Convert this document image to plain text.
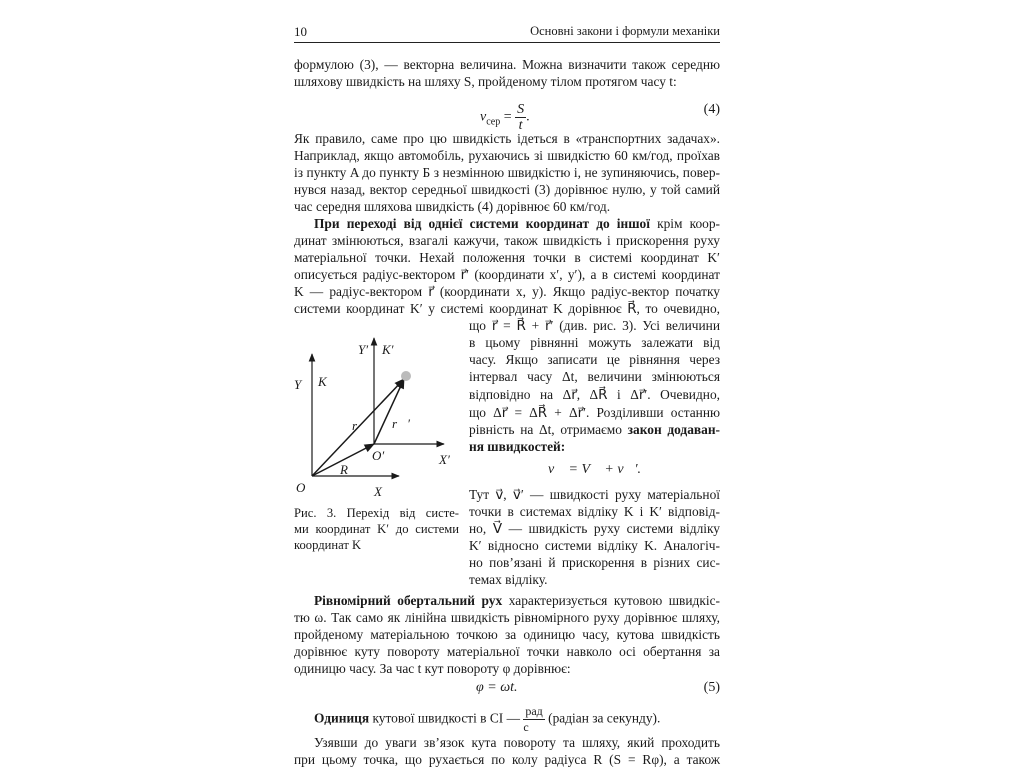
10	Основні закони і формули механіки
формулою (3), — векторна величина. Можна визначити також середню
шляхову швидкість на шляху S, пройденому тілом протягом часу t:
$v_{сер} = \frac{S}{t}$ .
(4)
Як правило, саме про цю швидкість ідеться в «транспортних задачах».
Наприклад, якщо автомобіль, рухаючись зі швидкістю 60 км/год, проїхав
із пункту A до пункту Б з незмінною швидкістю і, не зупиняючись, повер-
нувся назад, вектор середньої швидкості (3) дорівнює нулю, у той самий
час середня шляхова швидкість (4) дорівнює 60 км/год.
При переході від однієї системи координат до іншої крім коор-
динат змінюються, взагалі кажучи, також швидкість і прискорення руху
матеріальної точки. Нехай положення точки в системі координат K′
описується радіус-вектором r⃗′ (координати x′, y′), а в системі координат
K — радіус-вектором r⃗ (координати x, y). Якщо радіус-вектор початку
системи координат K′ у системі координат K дорівнює R⃗, то очевидно,
Y′ K′
Y K
r⃗ r⃗′
R⃗
O′	X′
O	X
Рис. 3. Перехід від систе-
ми координат K′ до системи
координат K
що r⃗ = R⃗ + r⃗′ (див. рис. 3). Усі величини
в цьому рівнянні можуть залежати від
часу. Якщо записати це рівняння через
інтервал часу Δt, величини змінюються
відповідно на Δr⃗, ΔR⃗ і Δr⃗′. Очевидно,
що Δr⃗ = ΔR⃗ + Δr⃗′. Розділивши останню
рівність на Δt, отримаємо закон додаван-
ня швидкостей:
v⃗ = V⃗ + v⃗′.
Тут v⃗, v⃗′ — швидкості руху матеріальної
точки в системах відліку K і K′ відповід-
но, V⃗ — швидкість руху системи відліку
K′ відносно системи відліку K. Аналогіч-
но пов’язані й прискорення в різних сис-
темах відліку.
Рівномірний обертальний рух характеризується кутовою швидкіс-
тю ω. Так само як лінійна швидкість рівномірного руху дорівнює шляху,
пройденому матеріальною точкою за одиницю часу, кутова швидкість
дорівнює куту повороту матеріальної точки навколо осі обертання за
одиницю часу. За час t кут повороту φ дорівнює:
φ = ωt.	(5)
Одиниця кутової швидкості в СІ — $\frac{\text{рад}}{с}$ (радіан за секунду).
Узявши до уваги зв’язок кута повороту та шляху, який проходить
при цьому точка, що рухається по колу радіуса R (S = Rφ), а також
